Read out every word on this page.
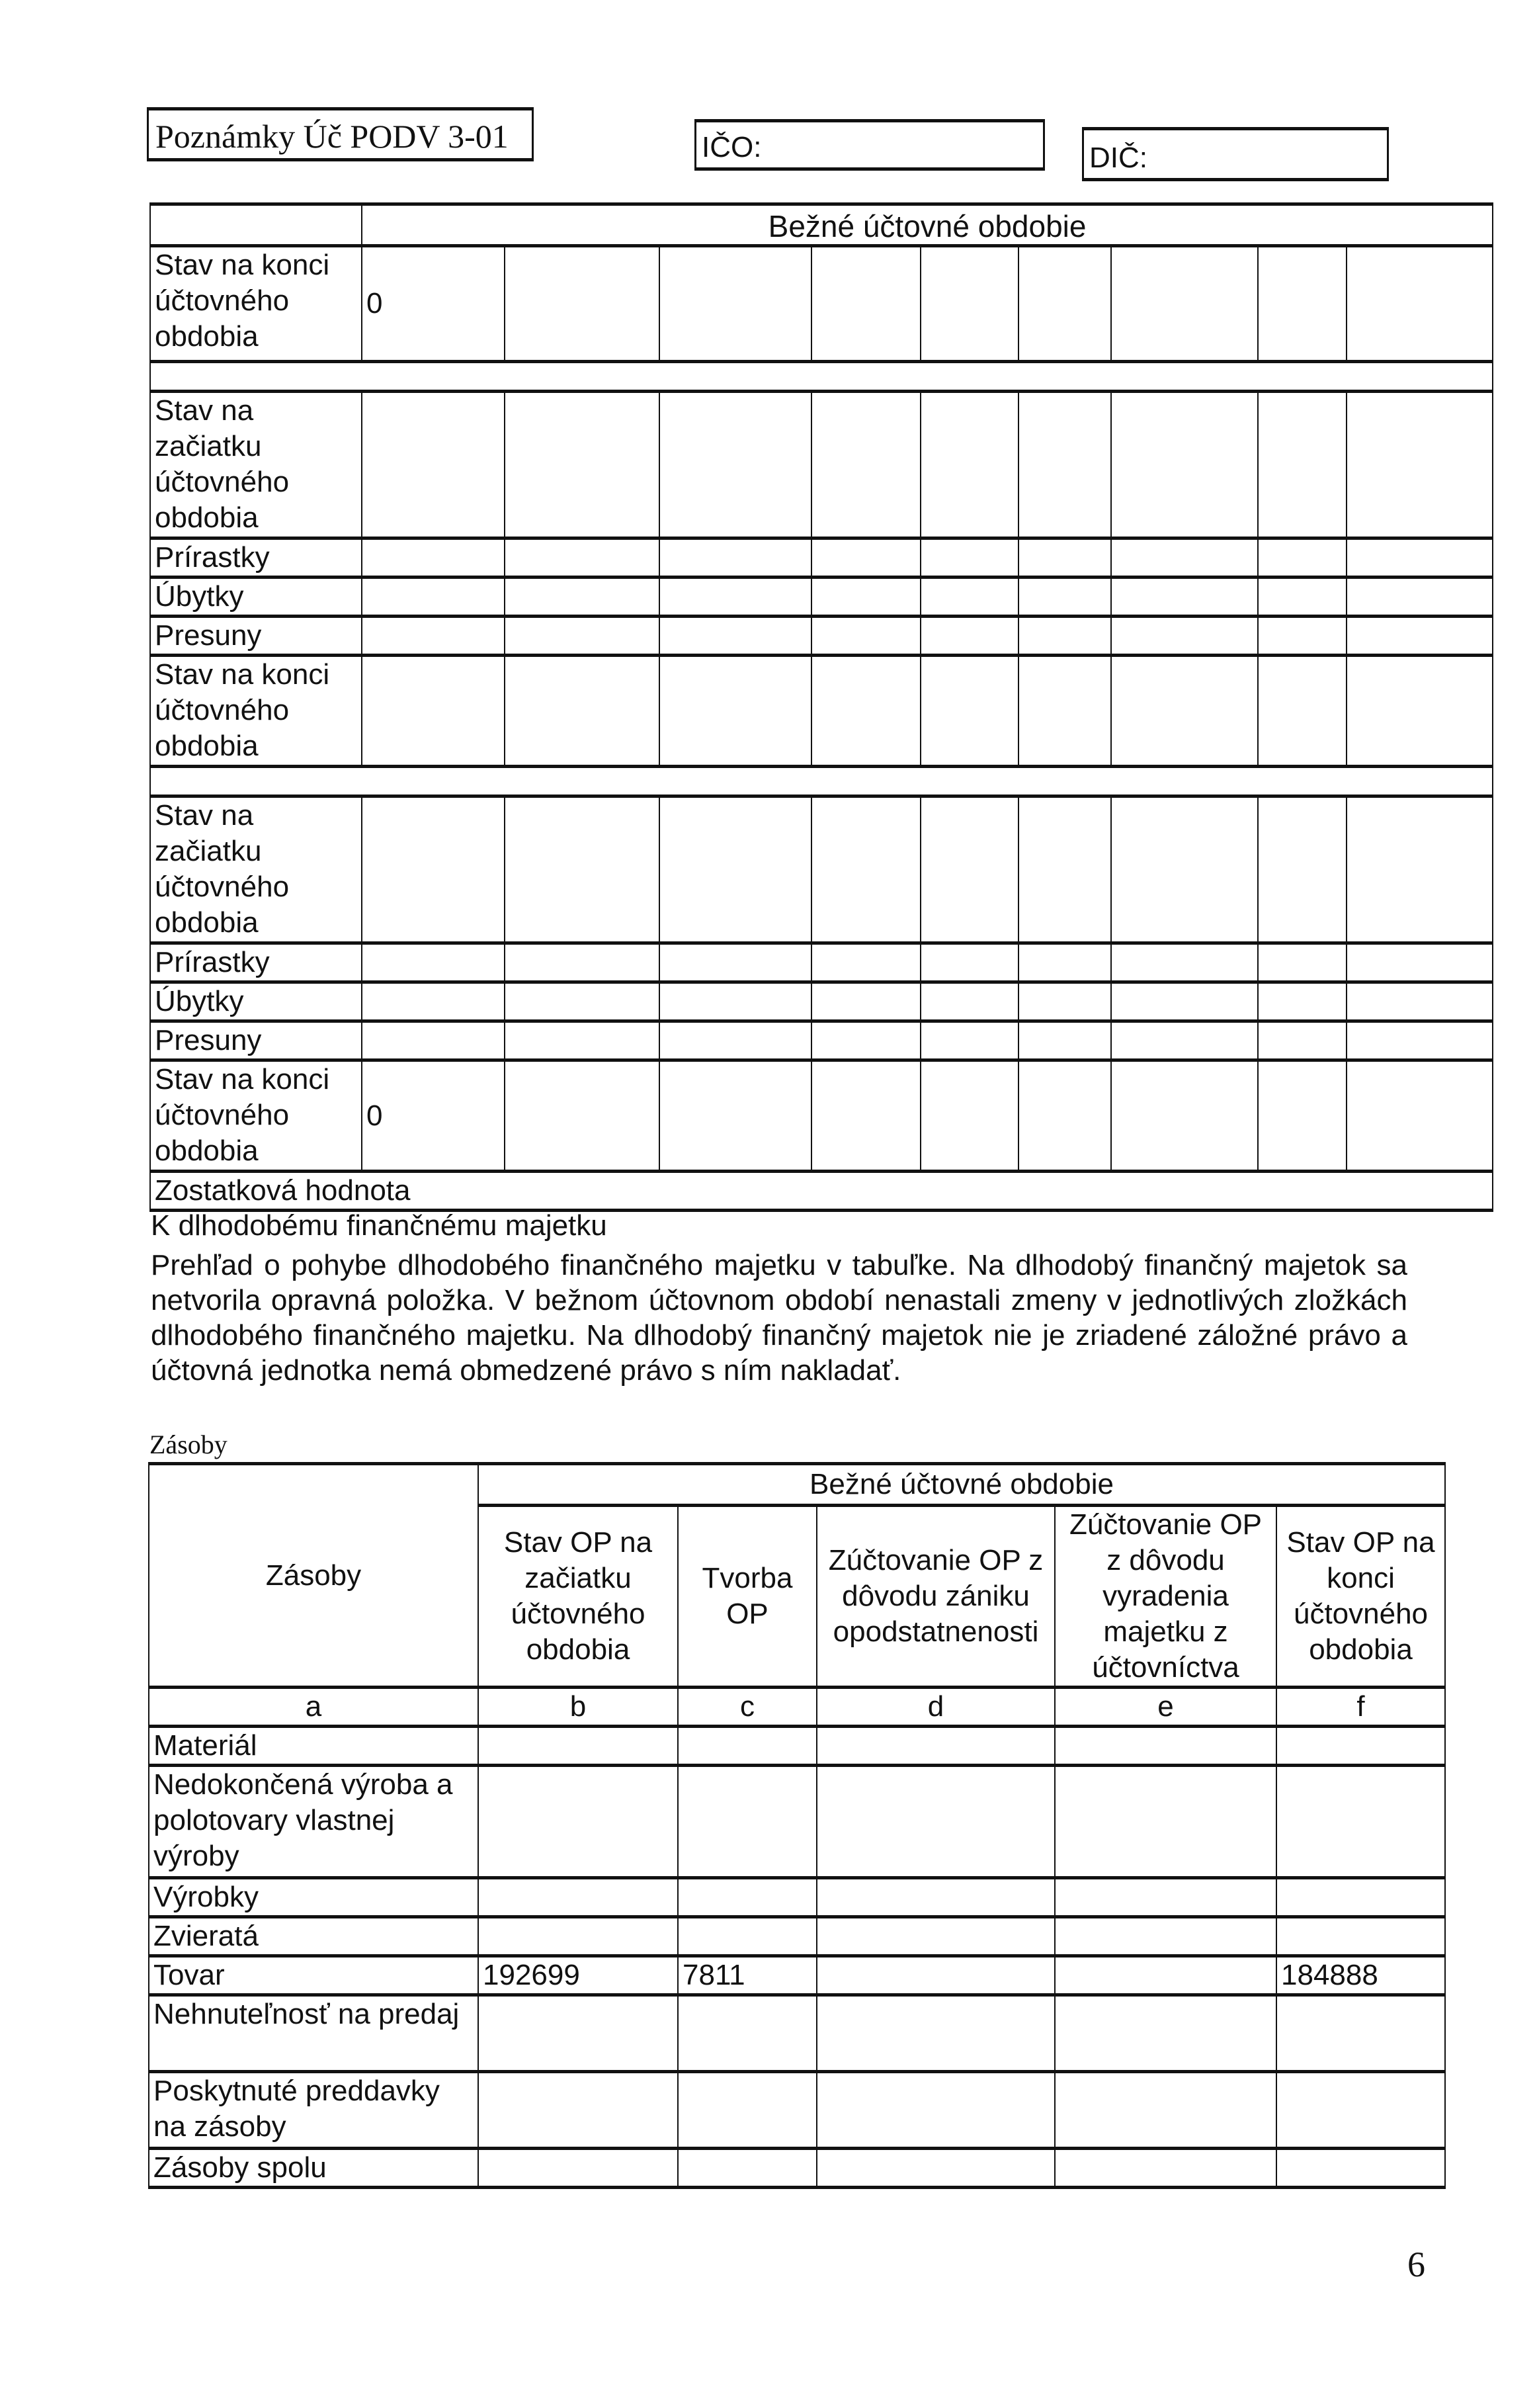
Poznámky Úč PODV 3-01	IČO:	DIČ:
	Bežné účtovné obdobie								
Stav na konci účtovného obdobia	0								

Stav na začiatku účtovného obdobia									
Prírastky									
Úbytky									
Presuny									
Stav na konci účtovného obdobia									

Stav na začiatku účtovného obdobia									
Prírastky									
Úbytky									
Presuny									
Stav na konci účtovného obdobia	0								
Zostatková hodnota									
K dlhodobému finančnému majetku
Prehľad o pohybe dlhodobého finančného majetku v tabuľke. Na dlhodobý finančný majetok sa netvorila opravná položka. V bežnom účtovnom období nenastali zmeny v jednotlivých zložkách dlhodobého finančného majetku. Na dlhodobý finančný majetok nie je zriadené záložné právo a účtovná jednotka nemá obmedzené právo s ním nakladať.
Zásoby
Zásoby	Bežné účtovné obdobie				
	Stav OP na začiatku účtovného obdobia	Tvorba OP	Zúčtovanie OP z dôvodu zániku opodstatnenosti	Zúčtovanie OP z dôvodu vyradenia majetku z účtovníctva	Stav OP na konci účtovného obdobia
a	b	c	d	e	f
Materiál					
Nedokončená výroba a polotovary vlastnej výroby					
Výrobky					
Zvieratá					
Tovar	192699	7811			184888
Nehnuteľnosť na predaj					
Poskytnuté preddavky na zásoby					
Zásoby spolu					
6
